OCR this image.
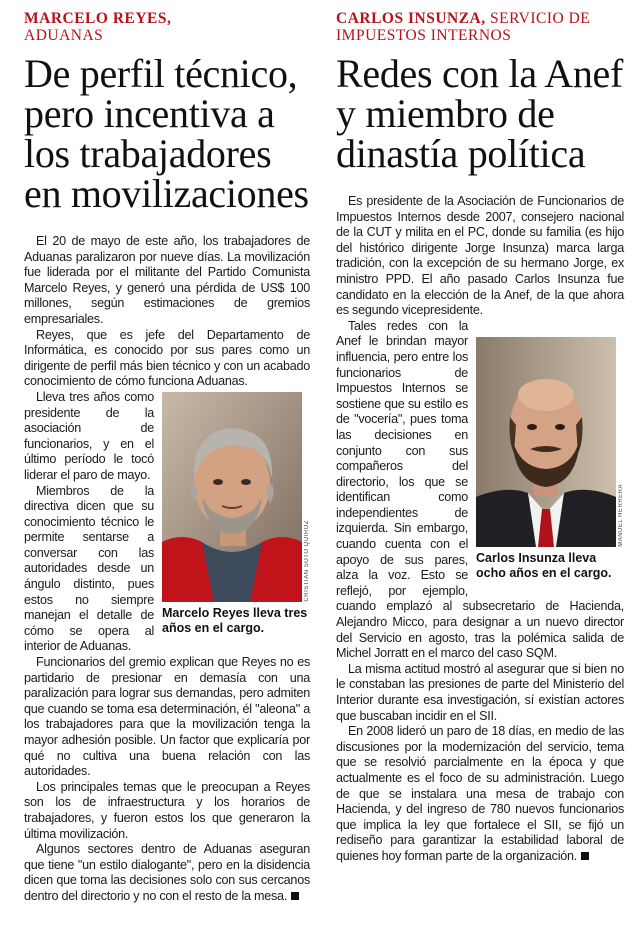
MARCELO REYES,
ADUANAS
De perfil técnico, pero incentiva a los trabajadores en movilizaciones

El 20 de mayo de este año, los trabajadores de Aduanas paralizaron por nueve días. La movilización fue liderada por el militante del Partido Comunista Marcelo Reyes, y generó una pérdida de US$ 100 millones, según estimaciones de gremios empresariales.

Reyes, que es jefe del Departamento de Informática, es conocido por sus pares como un dirigente de perfil más bien técnico y con un acabado conocimiento de cómo funciona Aduanas.

CRISTIAN SOTO QUIROZ
Marcelo Reyes lleva tres años en el cargo.

Lleva tres años como presidente de la asociación de funcionarios, y en el último período le tocó liderar el paro de mayo.

Miembros de la directiva dicen que su conocimiento técnico le permite sentarse a conversar con las autoridades desde un ángulo distinto, pues estos no siempre manejan el detalle de cómo se opera al interior de Aduanas.

Funcionarios del gremio explican que Reyes no es partidario de presionar en demasía con una paralización para lograr sus demandas, pero admiten que cuando se toma esa determinación, él "aleona" a los trabajadores para que la movilización tenga la mayor adhesión posible. Un factor que explicaría por qué no cultiva una buena relación con las autoridades.

Los principales temas que le preocupan a Reyes son los de infraestructura y los horarios de trabajadores, y fueron estos los que generaron la última movilización.

Algunos sectores dentro de Aduanas aseguran que tiene "un estilo dialogante", pero en la disidencia dicen que toma las decisiones solo con sus cercanos dentro del directorio y no con el resto de la mesa.

CARLOS INSUNZA, SERVICIO DE IMPUESTOS INTERNOS
Redes con la Anef y miembro de dinastía política

Es presidente de la Asociación de Funcionarios de Impuestos Internos desde 2007, consejero nacional de la CUT y milita en el PC, donde su familia (es hijo del histórico dirigente Jorge Insunza) marca larga tradición, con la excepción de su hermano Jorge, ex ministro PPD. El año pasado Carlos Insunza fue candidato en la elección de la Anef, de la que ahora es segundo vicepresidente.

MANUEL HERRERA
Carlos Insunza lleva ocho años en el cargo.

Tales redes con la Anef le brindan mayor influencia, pero entre los funcionarios de Impuestos Internos se sostiene que su estilo es de "vocería", pues toma las decisiones en conjunto con sus compañeros del directorio, los que se identifican como independientes de izquierda. Sin embargo, cuando cuenta con el apoyo de sus pares, alza la voz. Esto se reflejó, por ejemplo, cuando emplazó al subsecretario de Hacienda, Alejandro Micco, para designar a un nuevo director del Servicio en agosto, tras la polémica salida de Michel Jorratt en el marco del caso SQM.

La misma actitud mostró al asegurar que si bien no le constaban las presiones de parte del Ministerio del Interior durante esa investigación, sí existían actores que buscaban incidir en el SII.

En 2008 lideró un paro de 18 días, en medio de las discusiones por la modernización del servicio, tema que se resolvió parcialmente en la época y que actualmente es el foco de su administración. Luego de que se instalara una mesa de trabajo con Hacienda, y del ingreso de 780 nuevos funcionarios que implica la ley que fortalece el SII, se fijó un rediseño para garantizar la estabilidad laboral de quienes hoy forman parte de la organización.
